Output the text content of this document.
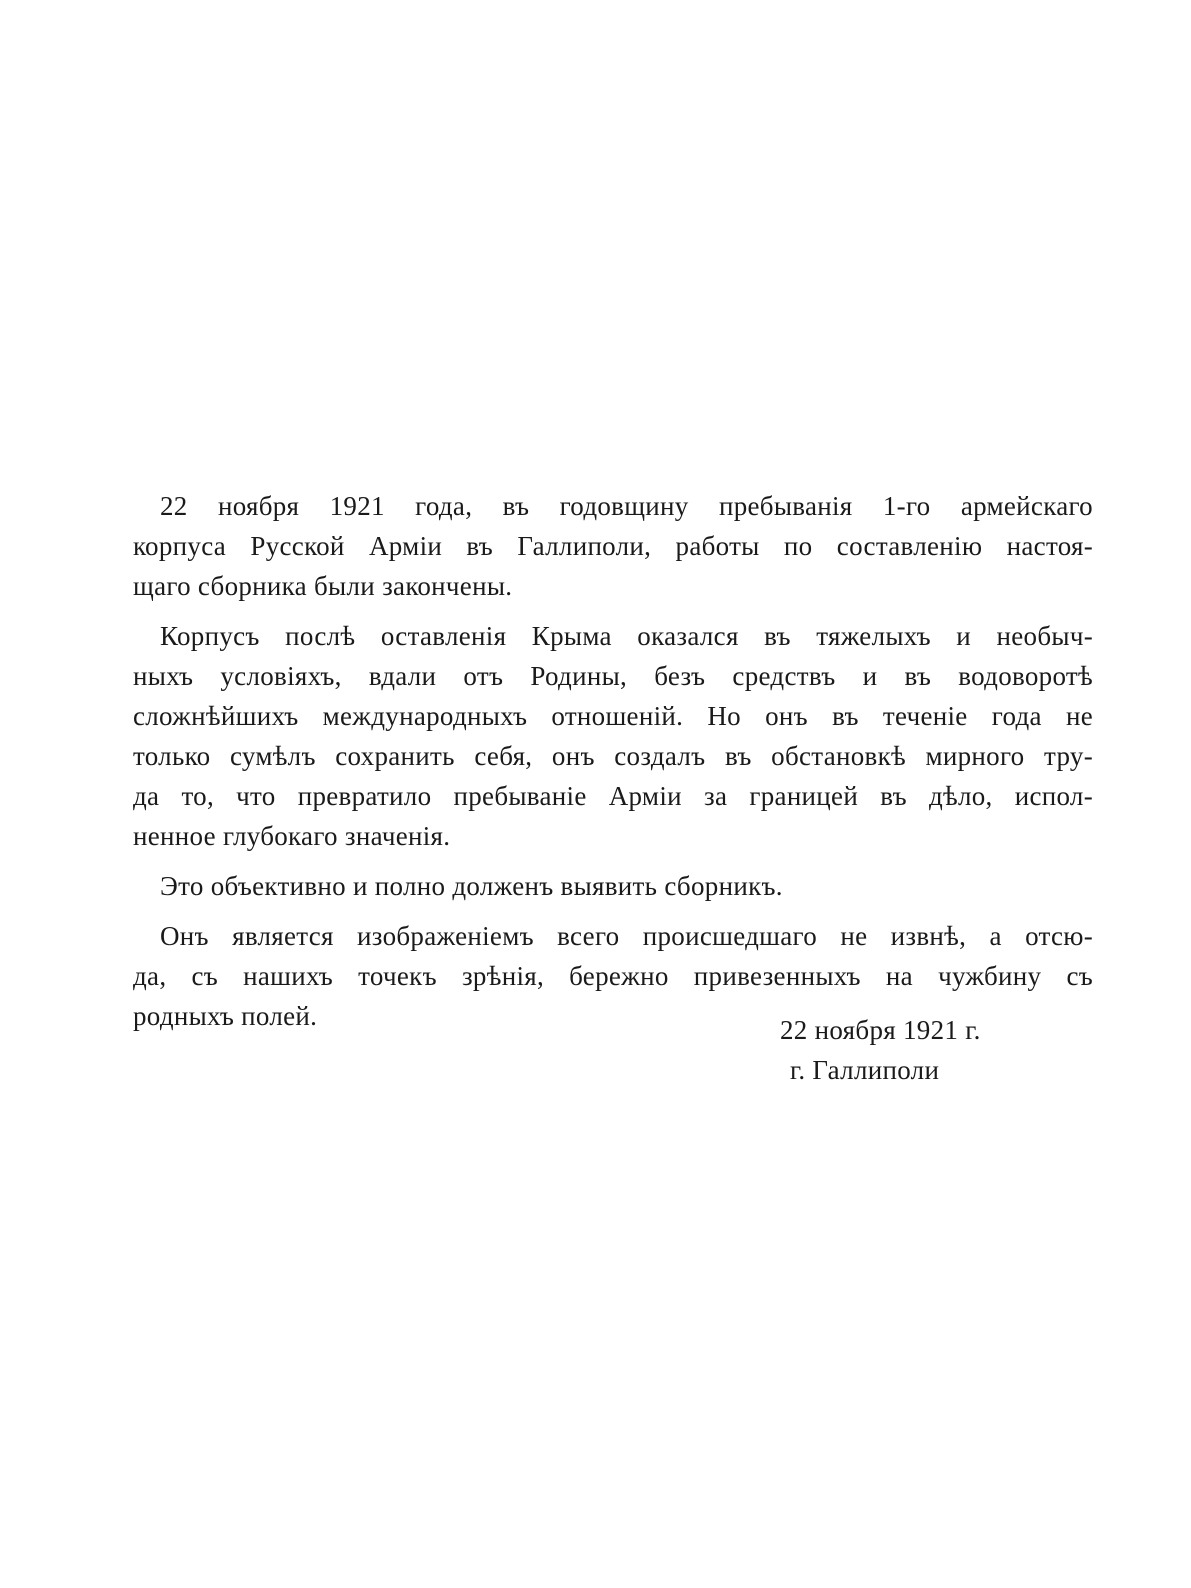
22 ноября 1921 года, въ годовщину пребыванія 1-го армейскаго
корпуса Русской Арміи въ Галлиполи, работы по составленію настоя-
щаго сборника были закончены.
Корпусъ послѣ оставленія Крыма оказался въ тяжелыхъ и необыч-
ныхъ условіяхъ, вдали отъ Родины, безъ средствъ и въ водоворотѣ
сложнѣйшихъ международныхъ отношеній. Но онъ въ теченіе года не
только сумѣлъ сохранить себя, онъ создалъ въ обстановкѣ мирного тру-
да то, что превратило пребываніе Арміи за границей въ дѣло, испол-
ненное глубокаго значенія.
Это объективно и полно долженъ выявить сборникъ.
Онъ является изображеніемъ всего происшедшаго не извнѣ, а отсю-
да, съ нашихъ точекъ зрѣнія, бережно привезенныхъ на чужбину съ
родныхъ полей.	22 ноября 1921 г.
г. Галлиполи
